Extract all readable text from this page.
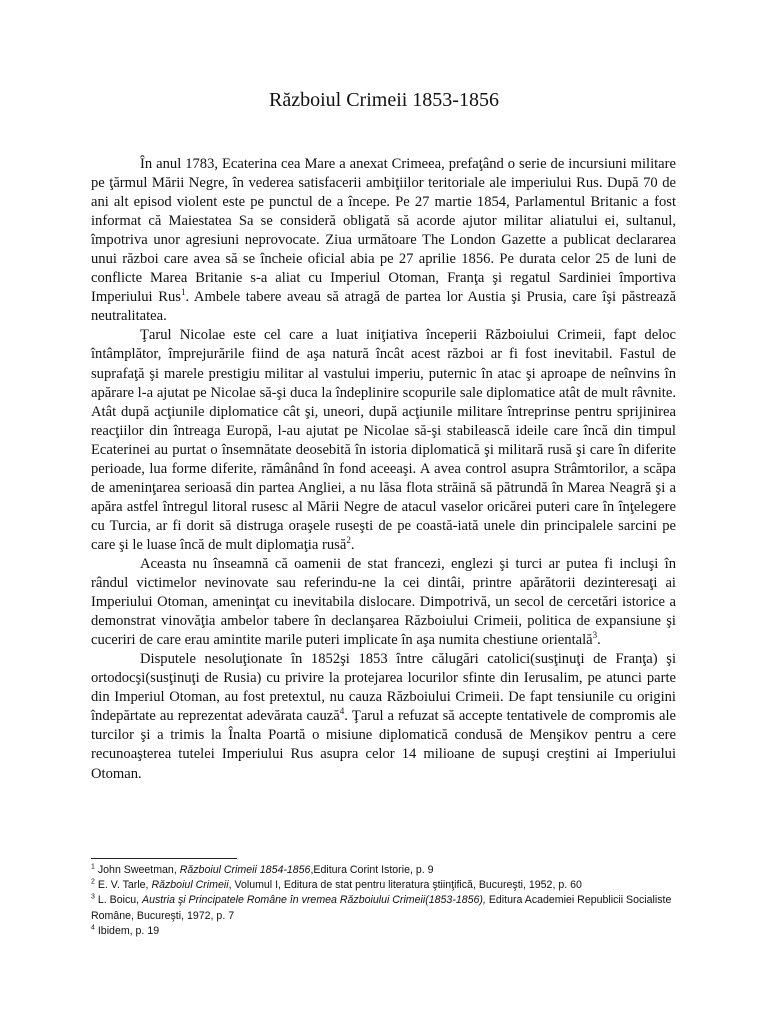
Războiul Crimeii 1853-1856

În anul 1783, Ecaterina cea Mare a anexat Crimeea, prefaţând o serie de incursiuni militare pe ţărmul Mării Negre, în vederea satisfacerii ambiţiilor teritoriale ale imperiului Rus. După 70 de ani alt episod violent este pe punctul de a începe. Pe 27 martie 1854, Parlamentul Britanic a fost informat că Maiestatea Sa se consideră obligată să acorde ajutor militar aliatului ei, sultanul, împotriva unor agresiuni neprovocate. Ziua următoare The London Gazette a publicat declararea unui război care avea să se încheie oficial abia pe 27 aprilie 1856. Pe durata celor 25 de luni de conflicte Marea Britanie s-a aliat cu Imperiul Otoman, Franţa şi regatul Sardiniei împortiva Imperiului Rus$^1$. Ambele tabere aveau să atragă de partea lor Austia şi Prusia, care îşi păstrează neutralitatea.

Ţarul Nicolae este cel care a luat iniţiativa începerii Războiului Crimeii, fapt deloc întâmplător, împrejurările fiind de aşa natură încât acest război ar fi fost inevitabil. Fastul de suprafaţă şi marele prestigiu militar al vastului imperiu, puternic în atac şi aproape de neînvins în apărare l-a ajutat pe Nicolae să-şi duca la îndeplinire scopurile sale diplomatice atât de mult râvnite. Atât după acţiunile diplomatice cât şi, uneori, după acţiunile militare întreprinse pentru sprijinirea reacţiilor din întreaga Europă, l-au ajutat pe Nicolae să-şi stabilească ideile care încă din timpul Ecaterinei au purtat o însemnătate deosebită în istoria diplomatică şi militară rusă şi care în diferite perioade, lua forme diferite, rămânând în fond aceeaşi. A avea control asupra Strâmtorilor, a scăpa de ameninţarea serioasă din partea Angliei, a nu lăsa flota străină să pătrundă în Marea Neagră şi a apăra astfel întregul litoral rusesc al Mării Negre de atacul vaselor oricărei puteri care în înţelegere cu Turcia, ar fi dorit să distruga oraşele ruseşti de pe coastă-iată unele din principalele sarcini pe care şi le luase încă de mult diplomaţia rusă$^2$.

Aceasta nu înseamnă că oamenii de stat francezi, englezi şi turci ar putea fi incluşi în rândul victimelor nevinovate sau referindu-ne la cei dintâi, printre apărătorii dezinteresaţi ai Imperiului Otoman, ameninţat cu inevitabila dislocare. Dimpotrivă, un secol de cercetări istorice a demonstrat vinovăţia ambelor tabere în declanşarea Războiului Crimeii, politica de expansiune şi cuceriri de care erau amintite marile puteri implicate în aşa numita chestiune orientală$^3$.

Disputele nesoluţionate în 1852şi 1853 între călugări catolici(susţinuţi de Franţa) şi ortodocşi(susţinuţi de Rusia) cu privire la protejarea locurilor sfinte din Ierusalim, pe atunci parte din Imperiul Otoman, au fost pretextul, nu cauza Războiului Crimeii. De fapt tensiunile cu origini îndepărtate au reprezentat adevărata cauză$^4$. Ţarul a refuzat să accepte tentativele de compromis ale turcilor şi a trimis la Înalta Poartă o misiune diplomatică condusă de Menşikov pentru a cere recunoaşterea tutelei Imperiului Rus asupra celor 14 milioane de supuşi creştini ai Imperiului Otoman.

$^1$ John Sweetman, Războiul Crimeii 1854-1856,Editura Corint Istorie, p. 9

$^2$ E. V. Tarle, Războiul Crimeii, Volumul I, Editura de stat pentru literatura ştiinţifică, Bucureşti, 1952, p. 60

$^3$ L. Boicu, Austria şi Principatele Române în vremea Războiului Crimeii(1853-1856), Editura Academiei Republicii Socialiste Române, Bucureşti, 1972, p. 7

$^4$ Ibidem, p. 19
